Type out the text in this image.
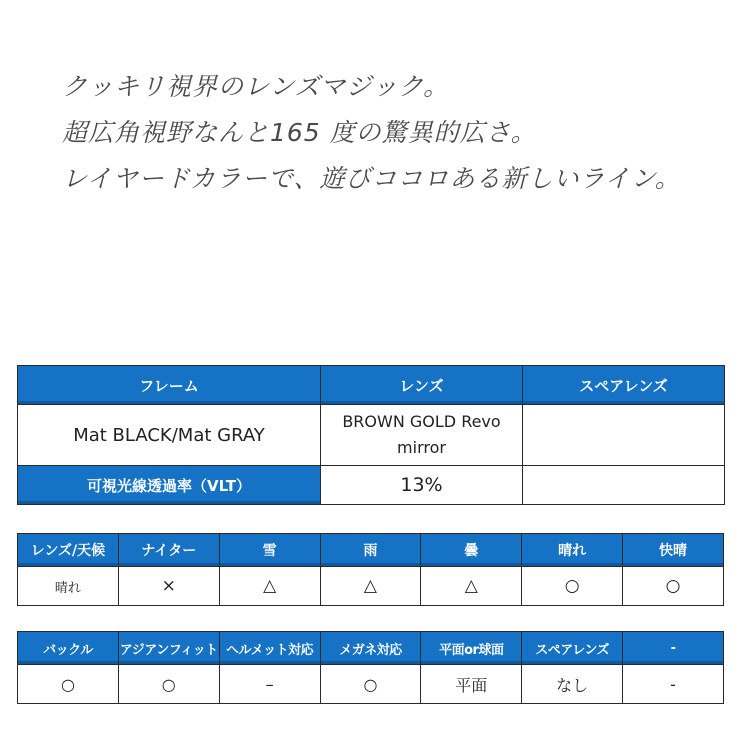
クッキリ視界のレンズマジック。

超広角視野なんと165 度の驚異的広さ。

レイヤードカラーで、遊びココロある新しいライン。

フレーム	レンズ	スペアレンズ
Mat BLACK/Mat GRAY	BROWN GOLD Revo
mirror	
可視光線透過率（VLT）	13%	
レンズ/天候	ナイター	雪	雨	曇	晴れ	快晴
晴れ	×	△	△	△	○	○
バックル	アジアンフィット	ヘルメット対応	メガネ対応	平面or球面	スペアレンズ	-
○	○	–	○	平面	なし	-
